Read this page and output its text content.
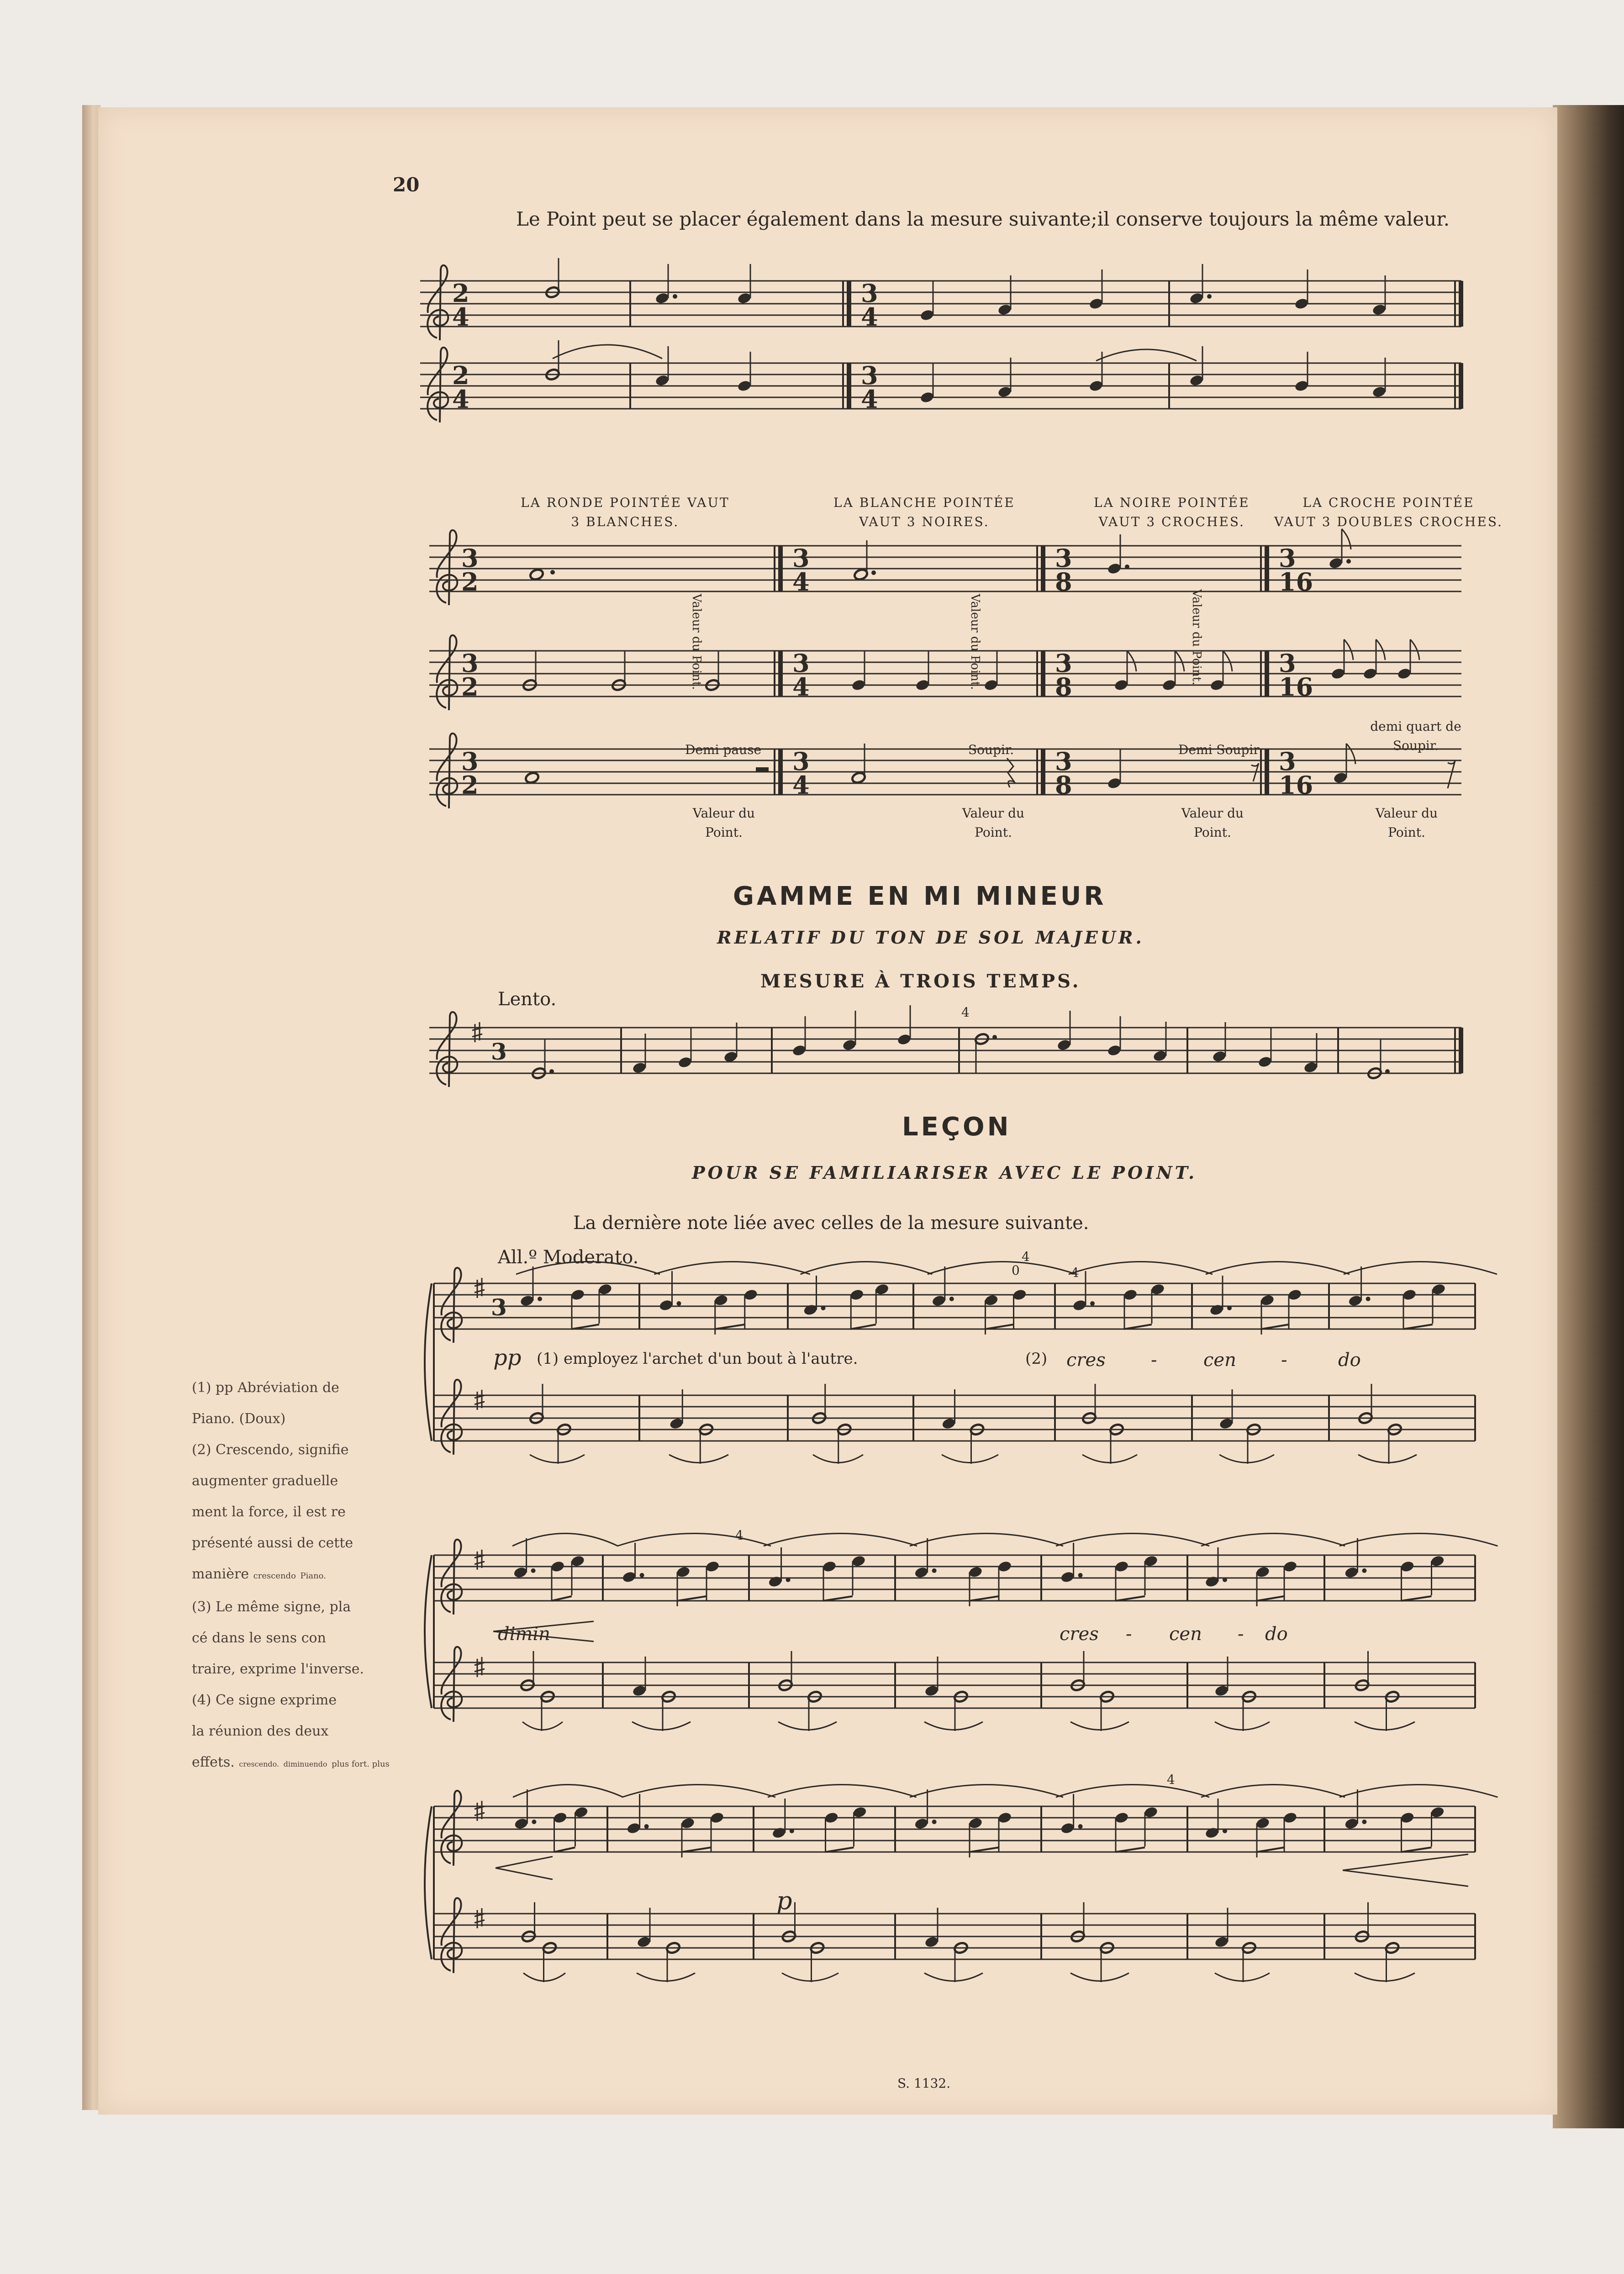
20
Le Point peut se placer également dans la mesure suivante;il conserve toujours la même valeur.
LA RONDE POINTÉE VAUT
3 BLANCHES.
LA BLANCHE POINTÉE
VAUT 3 NOIRES.
LA NOIRE POINTÉE
VAUT 3 CROCHES.
LA CROCHE POINTÉE
VAUT 3 DOUBLES CROCHES.
Valeur du Point.	Valeur du Point.	Valeur du Point.
Demi pause	Soupir.	Demi Soupir
demi quart de Soupir.
Valeur du Point.
Valeur du Point.
Valeur du Point.
Valeur du Point.
GAMME EN MI MINEUR
RELATIF DU TON DE SOL MAJEUR.
MESURE À TROIS TEMPS.
Lento.
4
LEÇON
POUR SE FAMILIARISER AVEC LE POINT.
La dernière note liée avec celles de la mesure suivante.
All.º Moderato.
pp (1) employez l'archet d'un bout à l'autre.	(2) cres -	cen -	do
dimin	cres - cen - do
p
4
0	4
4
4
(1) pp Abréviation de
Piano. (Doux)
(2) Crescendo, signifie
augmenter graduelle
ment la force, il est re
présenté aussi de cette
manière crescendo Piano.
(3) Le même signe, pla
cé dans le sens con
traire, exprime l'inverse.
(4) Ce signe exprime
la réunion des deux
effets. crescendo. diminuendo plus fort. plus
S. 1132.
2
4
3
4
2
4
3
4
3
2
3
4
3
8
3
16
3
2
3
4
3
8
3
16
3
2
3
4
3
8
3
16
3
3
